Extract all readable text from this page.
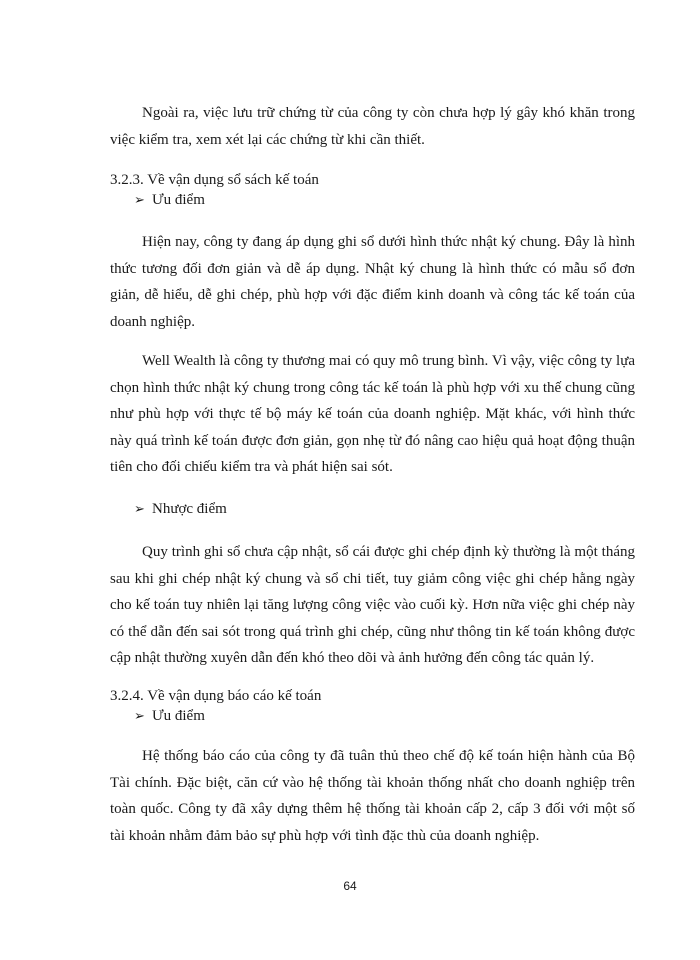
Ngoài ra, việc lưu trữ chứng từ của công ty còn chưa hợp lý gây khó khăn trong việc kiểm tra, xem xét lại các chứng từ khi cần thiết.

3.2.3. Về vận dụng sổ sách kế toán

➢ Ưu điểm

Hiện nay, công ty đang áp dụng ghi sổ dưới hình thức nhật ký chung. Đây là hình thức tương đối đơn giản và dễ áp dụng. Nhật ký chung là hình thức có mẫu sổ đơn giản, dễ hiểu, dễ ghi chép, phù hợp với đặc điểm kinh doanh và công tác kế toán của doanh nghiệp.

Well Wealth là công ty thương mai có quy mô trung bình. Vì vậy, việc công ty lựa chọn hình thức nhật ký chung trong công tác kế toán là phù hợp với xu thế chung cũng như phù hợp với thực tế bộ máy kế toán của doanh nghiệp. Mặt khác, với hình thức này quá trình kế toán được đơn giản, gọn nhẹ từ đó nâng cao hiệu quả hoạt động thuận tiên cho đối chiếu kiểm tra và phát hiện sai sót.

➢ Nhược điểm

Quy trình ghi sổ chưa cập nhật, sổ cái được ghi chép định kỳ thường là một tháng sau khi ghi chép nhật ký chung và sổ chi tiết, tuy giảm công việc ghi chép hằng ngày cho kế toán tuy nhiên lại tăng lượng công việc vào cuối kỳ. Hơn nữa việc ghi chép này có thể dẫn đến sai sót trong quá trình ghi chép, cũng như thông tin kế toán không được cập nhật thường xuyên dẫn đến khó theo dõi và ảnh hưởng đến công tác quản lý.

3.2.4. Về vận dụng báo cáo kế toán

➢ Ưu điểm

Hệ thống báo cáo của công ty đã tuân thủ theo chế độ kế toán hiện hành của Bộ Tài chính. Đặc biệt, căn cứ vào hệ thống tài khoản thống nhất cho doanh nghiệp trên toàn quốc. Công ty đã xây dựng thêm hệ thống tài khoản cấp 2, cấp 3 đối với một số tài khoản nhằm đảm bảo sự phù hợp với tình đặc thù của doanh nghiệp.

64
